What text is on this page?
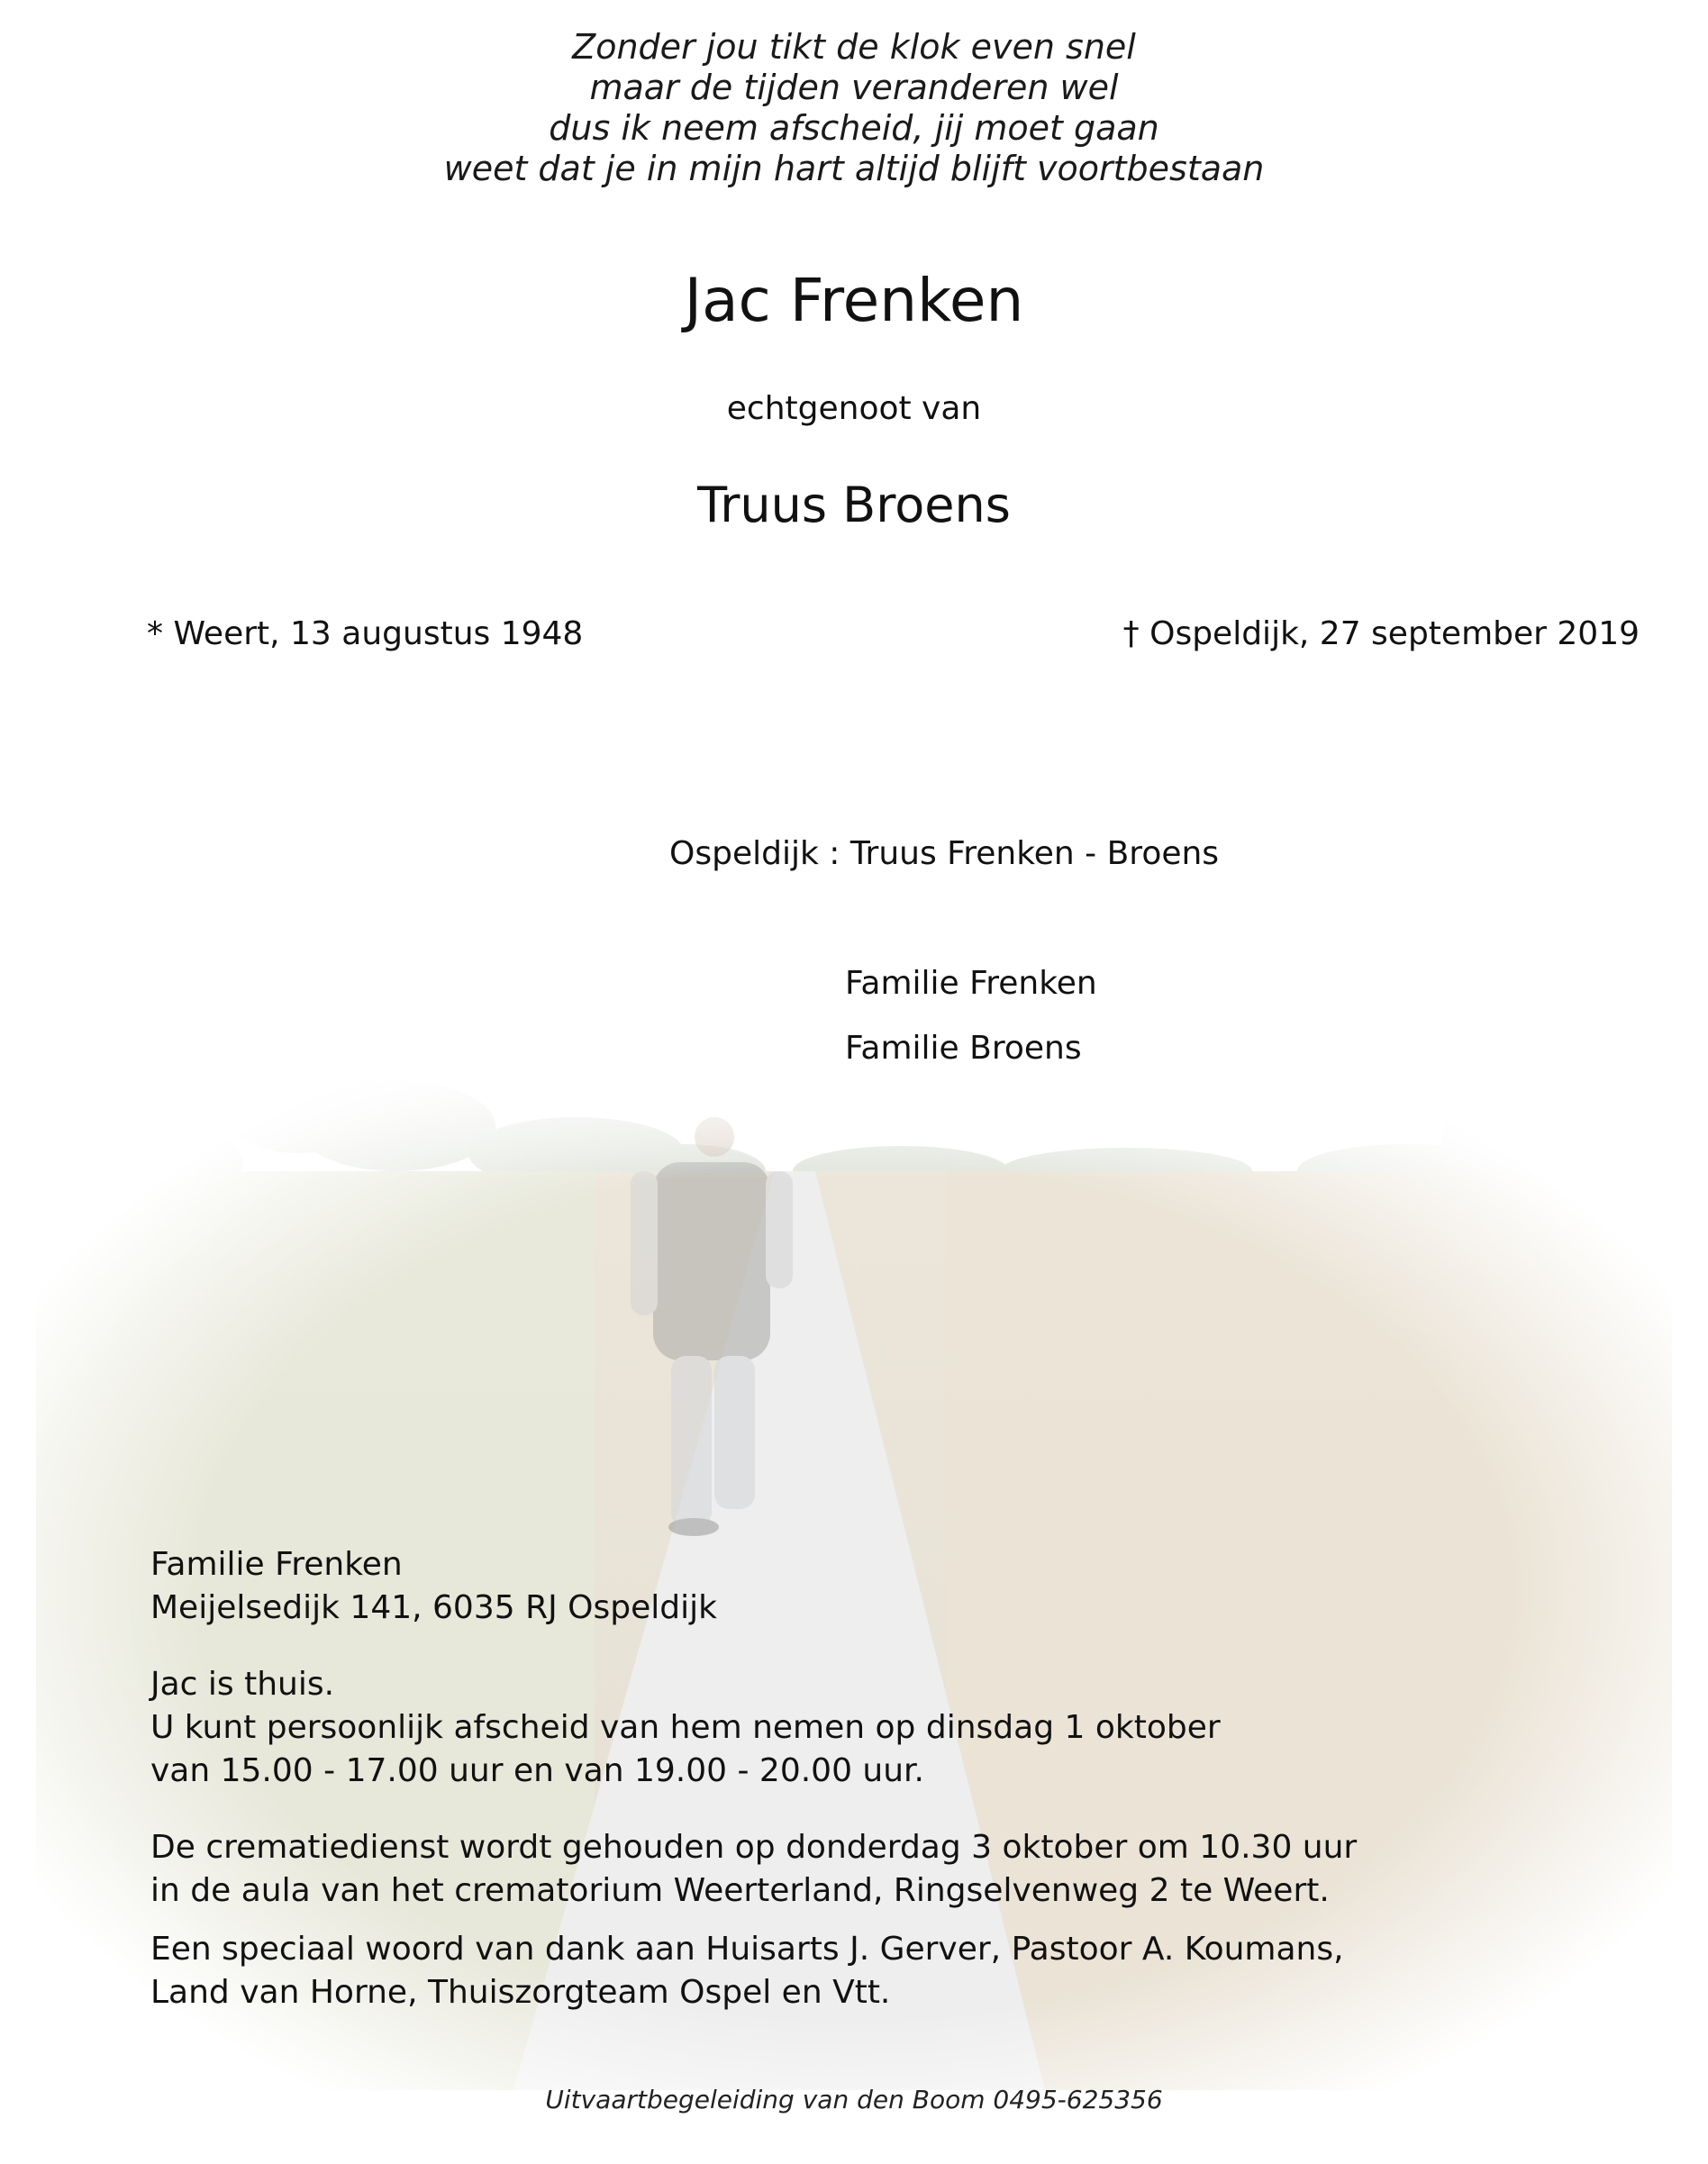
Zonder jou tikt de klok even snel
maar de tijden veranderen wel
dus ik neem afscheid, jij moet gaan
weet dat je in mijn hart altijd blijft voortbestaan
Jac Frenken
echtgenoot van
Truus Broens
* Weert, 13 augustus 1948	† Ospeldijk, 27 september 2019
Ospeldijk : Truus Frenken - Broens
Familie Frenken
Familie Broens
Familie Frenken
Meijelsedijk 141, 6035 RJ Ospeldijk
Jac is thuis.
U kunt persoonlijk afscheid van hem nemen op dinsdag 1 oktober
van 15.00 - 17.00 uur en van 19.00 - 20.00 uur.
De crematiedienst wordt gehouden op donderdag 3 oktober om 10.30 uur
in de aula van het crematorium Weerterland, Ringselvenweg 2 te Weert.
Een speciaal woord van dank aan Huisarts J. Gerver, Pastoor A. Koumans,
Land van Horne, Thuiszorgteam Ospel en Vtt.
Uitvaartbegeleiding van den Boom 0495-625356
